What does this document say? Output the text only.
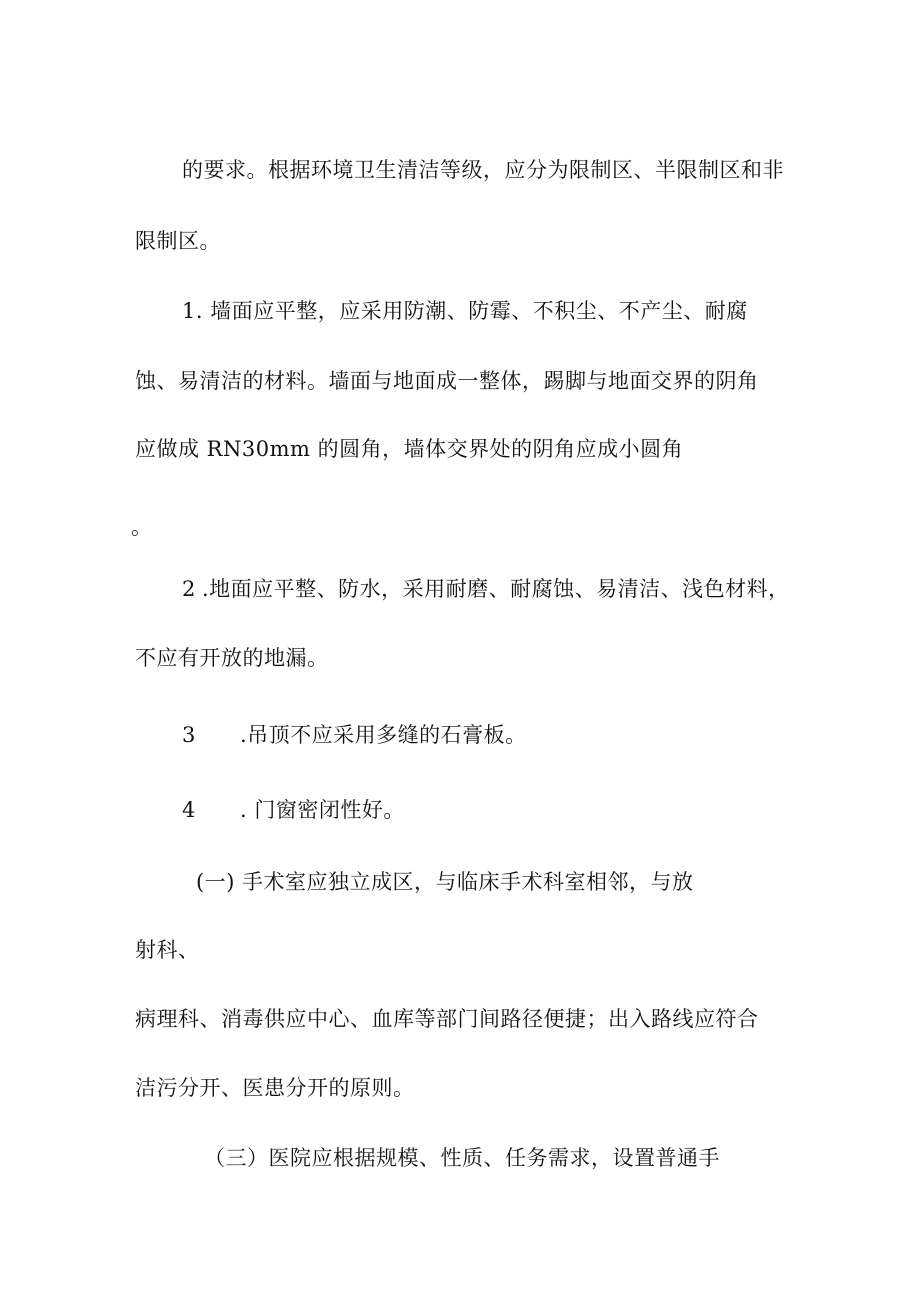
的要求。根据环境卫生清洁等级，应分为限制区、半限制区和非
限制区。
1. 墙面应平整，应采用防潮、防霉、不积尘、不产尘、耐腐
蚀、易清洁的材料。墙面与地面成一整体，踢脚与地面交界的阴角
应做成 RN30mm 的圆角，墙体交界处的阴角应成小圆角
。
2 .地面应平整、防水，采用耐磨、耐腐蚀、易清洁、浅色材料，
不应有开放的地漏。
3 .吊顶不应采用多缝的石膏板。
4 . 门窗密闭性好。
(一) 手术室应独立成区，与临床手术科室相邻，与放
射科、
病理科、消毒供应中心、血库等部门间路径便捷；出入路线应符合
洁污分开、医患分开的原则。
（三）医院应根据规模、性质、任务需求，设置普通手
